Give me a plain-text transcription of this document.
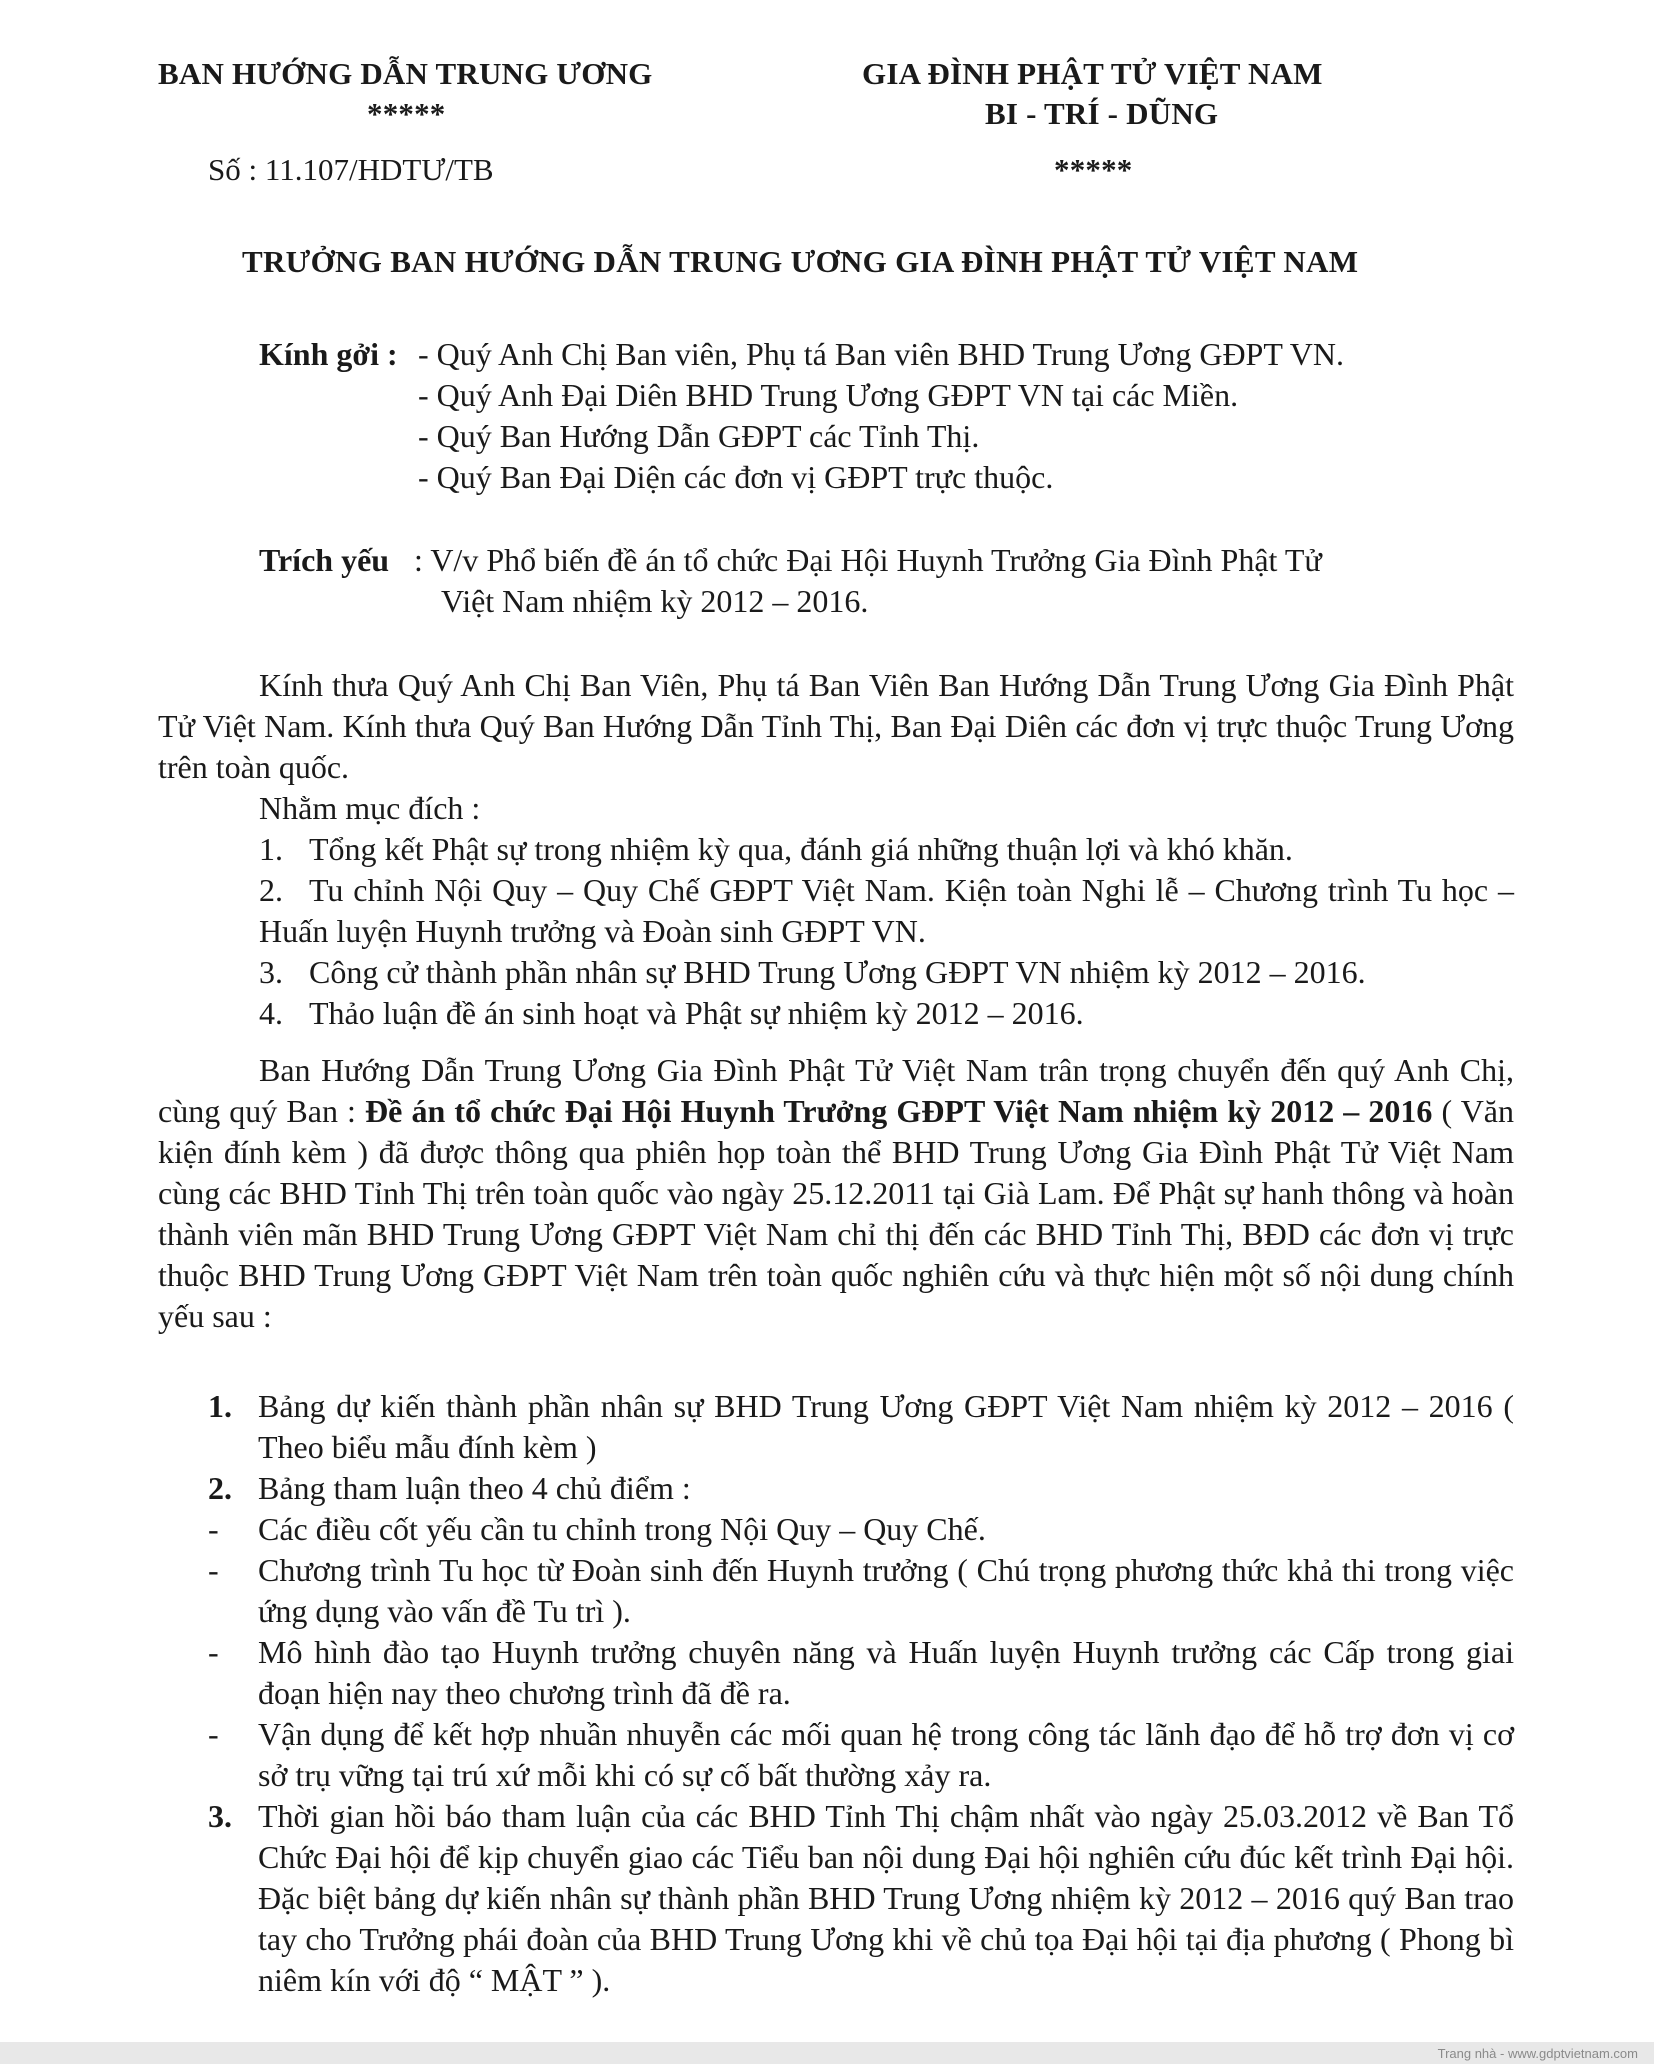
BAN HƯỚNG DẪN TRUNG ƯƠNG
*****
Số : 11.107/HDTƯ/TB
GIA ĐÌNH PHẬT TỬ VIỆT NAM
BI - TRÍ - DŨNG
*****
TRƯỞNG BAN HƯỚNG DẪN TRUNG ƯƠNG GIA ĐÌNH PHẬT TỬ VIỆT NAM
Kính gởi : - Quý Anh Chị Ban viên, Phụ tá Ban viên BHD Trung Ương GĐPT VN.
- Quý Anh Đại Diên BHD Trung Ương GĐPT VN tại các Miền.
- Quý Ban Hướng Dẫn GĐPT các Tỉnh Thị.
- Quý Ban Đại Diện các đơn vị GĐPT trực thuộc.
Trích yếu : V/v Phổ biến đề án tổ chức Đại Hội Huynh Trưởng Gia Đình Phật Tử
Việt Nam nhiệm kỳ 2012 – 2016.
Kính thưa Quý Anh Chị Ban Viên, Phụ tá Ban Viên Ban Hướng Dẫn Trung Ương Gia Đình Phật Tử Việt Nam. Kính thưa Quý Ban Hướng Dẫn Tỉnh Thị, Ban Đại Diên các đơn vị trực thuộc Trung Ương trên toàn quốc.
Nhằm mục đích :
1. Tổng kết Phật sự trong nhiệm kỳ qua, đánh giá những thuận lợi và khó khăn.
2. Tu chỉnh Nội Quy – Quy Chế GĐPT Việt Nam. Kiện toàn Nghi lễ – Chương trình Tu học – Huấn luyện Huynh trưởng và Đoàn sinh GĐPT VN.
3. Công cử thành phần nhân sự BHD Trung Ương GĐPT VN nhiệm kỳ 2012 – 2016.
4. Thảo luận đề án sinh hoạt và Phật sự nhiệm kỳ 2012 – 2016.
Ban Hướng Dẫn Trung Ương Gia Đình Phật Tử Việt Nam trân trọng chuyển đến quý Anh Chị, cùng quý Ban : Đề án tổ chức Đại Hội Huynh Trưởng GĐPT Việt Nam nhiệm kỳ 2012 – 2016 ( Văn kiện đính kèm ) đã được thông qua phiên họp toàn thể BHD Trung Ương Gia Đình Phật Tử Việt Nam cùng các BHD Tỉnh Thị trên toàn quốc vào ngày 25.12.2011 tại Già Lam. Để Phật sự hanh thông và hoàn thành viên mãn BHD Trung Ương GĐPT Việt Nam chỉ thị đến các BHD Tỉnh Thị, BĐD các đơn vị trực thuộc BHD Trung Ương GĐPT Việt Nam trên toàn quốc nghiên cứu và thực hiện một số nội dung chính yếu sau :
1. Bảng dự kiến thành phần nhân sự BHD Trung Ương GĐPT Việt Nam nhiệm kỳ 2012 – 2016 ( Theo biểu mẫu đính kèm )
2. Bảng tham luận theo 4 chủ điểm :
- Các điều cốt yếu cần tu chỉnh trong Nội Quy – Quy Chế.
- Chương trình Tu học từ Đoàn sinh đến Huynh trưởng ( Chú trọng phương thức khả thi trong việc ứng dụng vào vấn đề Tu trì ).
- Mô hình đào tạo Huynh trưởng chuyên năng và Huấn luyện Huynh trưởng các Cấp trong giai đoạn hiện nay theo chương trình đã đề ra.
- Vận dụng để kết hợp nhuần nhuyễn các mối quan hệ trong công tác lãnh đạo để hỗ trợ đơn vị cơ sở trụ vững tại trú xứ mỗi khi có sự cố bất thường xảy ra.
3. Thời gian hồi báo tham luận của các BHD Tỉnh Thị chậm nhất vào ngày 25.03.2012 về Ban Tổ Chức Đại hội để kịp chuyển giao các Tiểu ban nội dung Đại hội nghiên cứu đúc kết trình Đại hội. Đặc biệt bảng dự kiến nhân sự thành phần BHD Trung Ương nhiệm kỳ 2012 – 2016 quý Ban trao tay cho Trưởng phái đoàn của BHD Trung Ương khi về chủ tọa Đại hội tại địa phương ( Phong bì niêm kín với độ “ MẬT ” ).
Trang nhà - www.gdptvietnam.com
